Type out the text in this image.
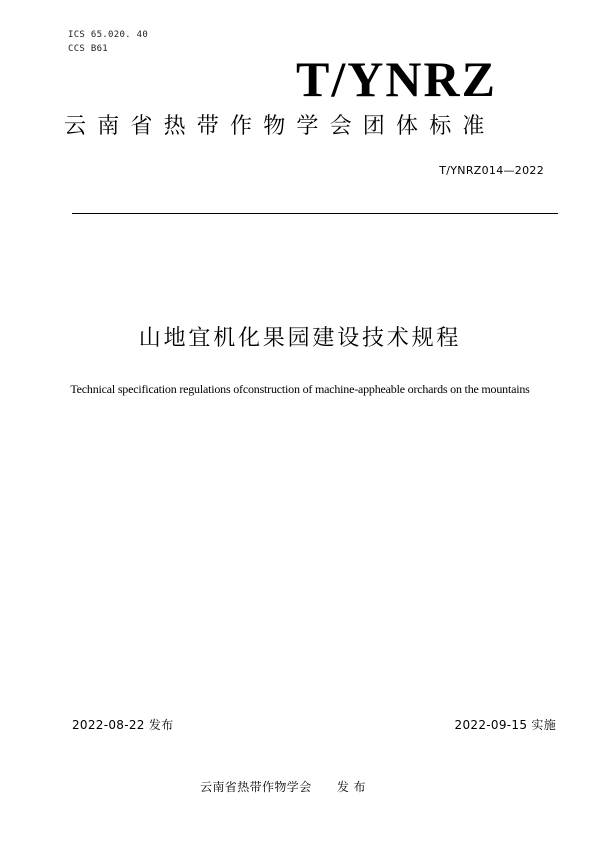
ICS 65.020. 40
CCS B61
T/YNRZ
云南省热带作物学会团体标准
T/YNRZ014—2022
山地宜机化果园建设技术规程
Technical specification regulations ofconstruction of machine-appheable orchards on the mountains
2022-08-22 发布	2022-09-15 实施
云南省热带作物学会      发 布
